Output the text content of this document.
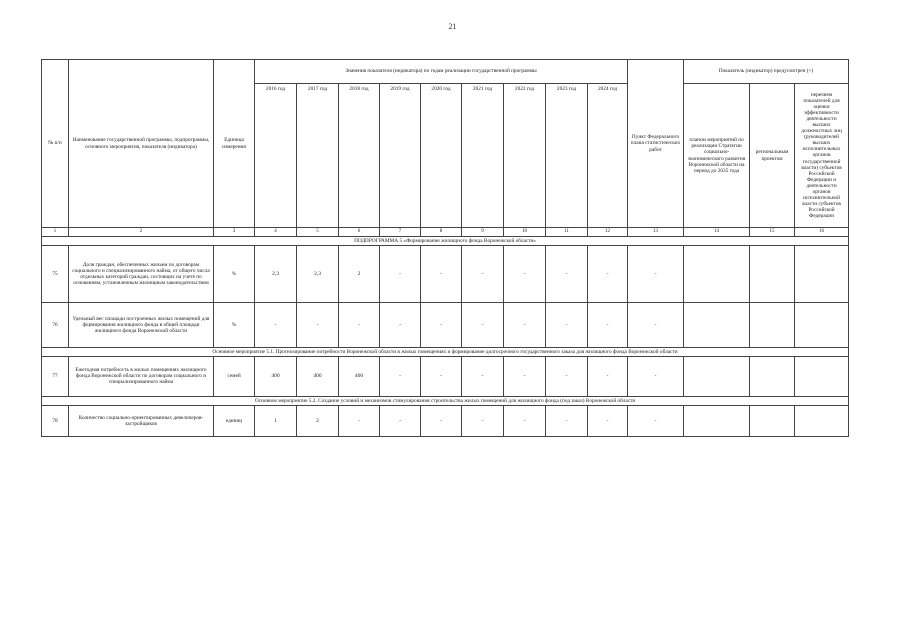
21
№ п/п	Наименование государственной программы, подпрограммы, основного мероприятия, показателя (индикатора)	Единица измерения	Значения показателя (индикатора) по годам реализации государственной программы									Пункт Федерального плана статистических работ	Показатель (индикатор) предусмотрен (+)		
			2016 год	2017 год	2018 год	2019 год	2020 год	2021 год	2022 год	2023 год	2024 год		планом мероприятий по реализации Стратегии социально-экономического развития Воронежской области на период до 2035 года	региональным проектом	перечнем показателей для оценки эффективности деятельности высших должностных лиц (руководителей высших исполнительных органов государственной власти) субъектов Российской Федерации и деятельности органов исполнительной власти субъектов Российской Федерации
1	2	3	4	5	6	7	8	9	10	11	12	13	14	15	16
ПОДПРОГРАММА 5 «Формирование жилищного фонда Воронежской области»															
75	Доля граждан, обеспеченных жильем по договорам социального и специализированного найма, от общего числа отдельных категорий граждан, состоящих на учете по основаниям, установленным жилищным законодательством	%	2,3	2,3	2	-	-	-	-	-	-	-			
76	Удельный вес площади построенных жилых помещений для формирования жилищного фонда в общей площади жилищного фонда Воронежской области	%	-	-	-	-	-	-	-	-	-	-			
Основное мероприятие 5.1. Прогнозирование потребности Воронежской области в жилых помещениях и формирование долгосрочного государственного заказа для жилищного фонда Воронежской области															
77	Ежегодная потребность в жилых помещениях жилищного фонда Воронежской области по договорам социального и специализированного найма	семей	400	400	400	-	-	-	-	-	-	-			
Основное мероприятие 5.2. Создание условий и механизмов стимулирования строительства жилых помещений для жилищного фонда (под заказ) Воронежской области															
78	Количество социально-ориентированных девелоперов-застройщиков	единиц	1	2	-	-	-	-	-	-	-	-			
